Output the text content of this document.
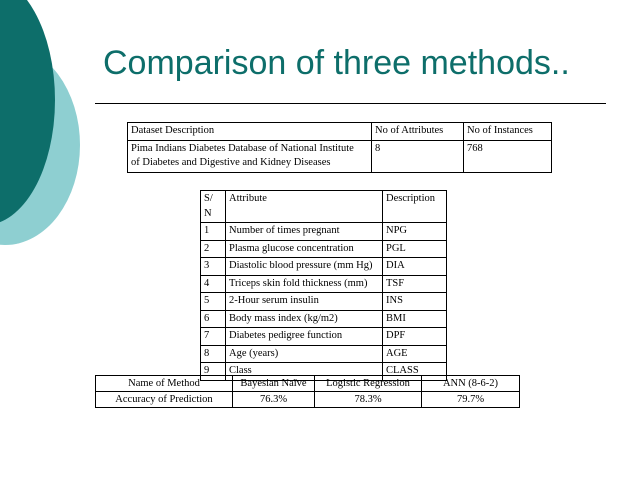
Comparison of three methods..
Dataset Description	No of Attributes	No of Instances

Pima Indians Diabetes Database of National Institute
of Diabetes and Digestive and Kidney Diseases	8	768
S/
N	Attribute	Description
1	Number of times pregnant	NPG
2	Plasma glucose concentration	PGL
3	Diastolic blood pressure (mm Hg)	DIA
4	Triceps skin fold thickness (mm)	TSF
5	2-Hour serum insulin	INS
6	Body mass index (kg/m2)	BMI
7	Diabetes pedigree function	DPF
8	Age (years)	AGE
9	Class	CLASS
Name of Method	Bayesian Naïve	Logistic Regression	ANN (8-6-2)
Accuracy of Prediction	76.3%	78.3%	79.7%
